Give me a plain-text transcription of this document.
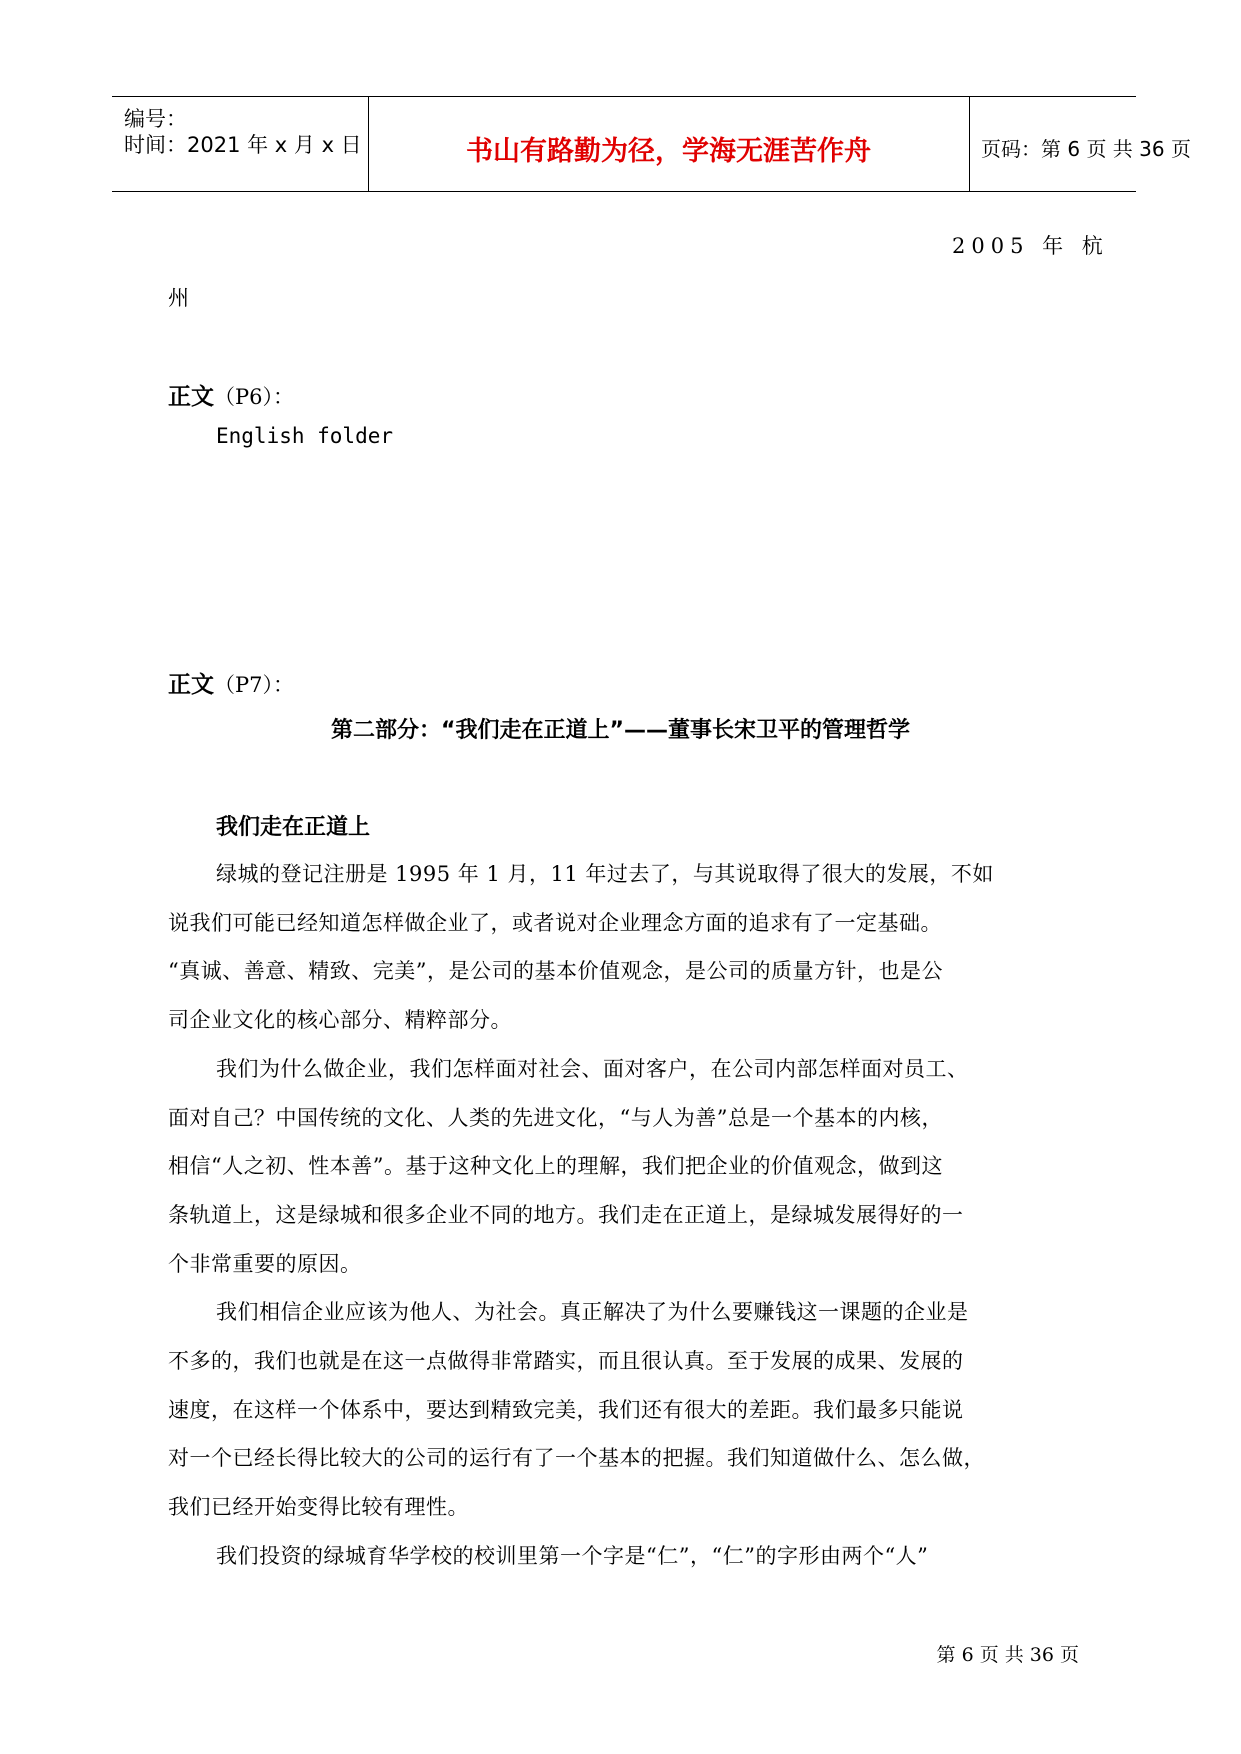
编号：
时间：2021 年 x 月 x 日	书山有路勤为径，学海无涯苦作舟	页码：第 6 页 共 36 页
2005 年 杭
州
正文（P6）：
English folder
正文（P7）：
第二部分：“我们走在正道上”——董事长宋卫平的管理哲学
我们走在正道上
绿城的登记注册是 1995 年 1 月，11 年过去了，与其说取得了很大的发展，不如
说我们可能已经知道怎样做企业了，或者说对企业理念方面的追求有了一定基础。
“真诚、善意、精致、完美”，是公司的基本价值观念，是公司的质量方针，也是公
司企业文化的核心部分、精粹部分。
我们为什么做企业，我们怎样面对社会、面对客户，在公司内部怎样面对员工、
面对自己？中国传统的文化、人类的先进文化，“与人为善”总是一个基本的内核，
相信“人之初、性本善”。基于这种文化上的理解，我们把企业的价值观念，做到这
条轨道上，这是绿城和很多企业不同的地方。我们走在正道上，是绿城发展得好的一
个非常重要的原因。
我们相信企业应该为他人、为社会。真正解决了为什么要赚钱这一课题的企业是
不多的，我们也就是在这一点做得非常踏实，而且很认真。至于发展的成果、发展的
速度，在这样一个体系中，要达到精致完美，我们还有很大的差距。我们最多只能说
对一个已经长得比较大的公司的运行有了一个基本的把握。我们知道做什么、怎么做，
我们已经开始变得比较有理性。
我们投资的绿城育华学校的校训里第一个字是“仁”，“仁”的字形由两个“人”
第 6 页 共 36 页
